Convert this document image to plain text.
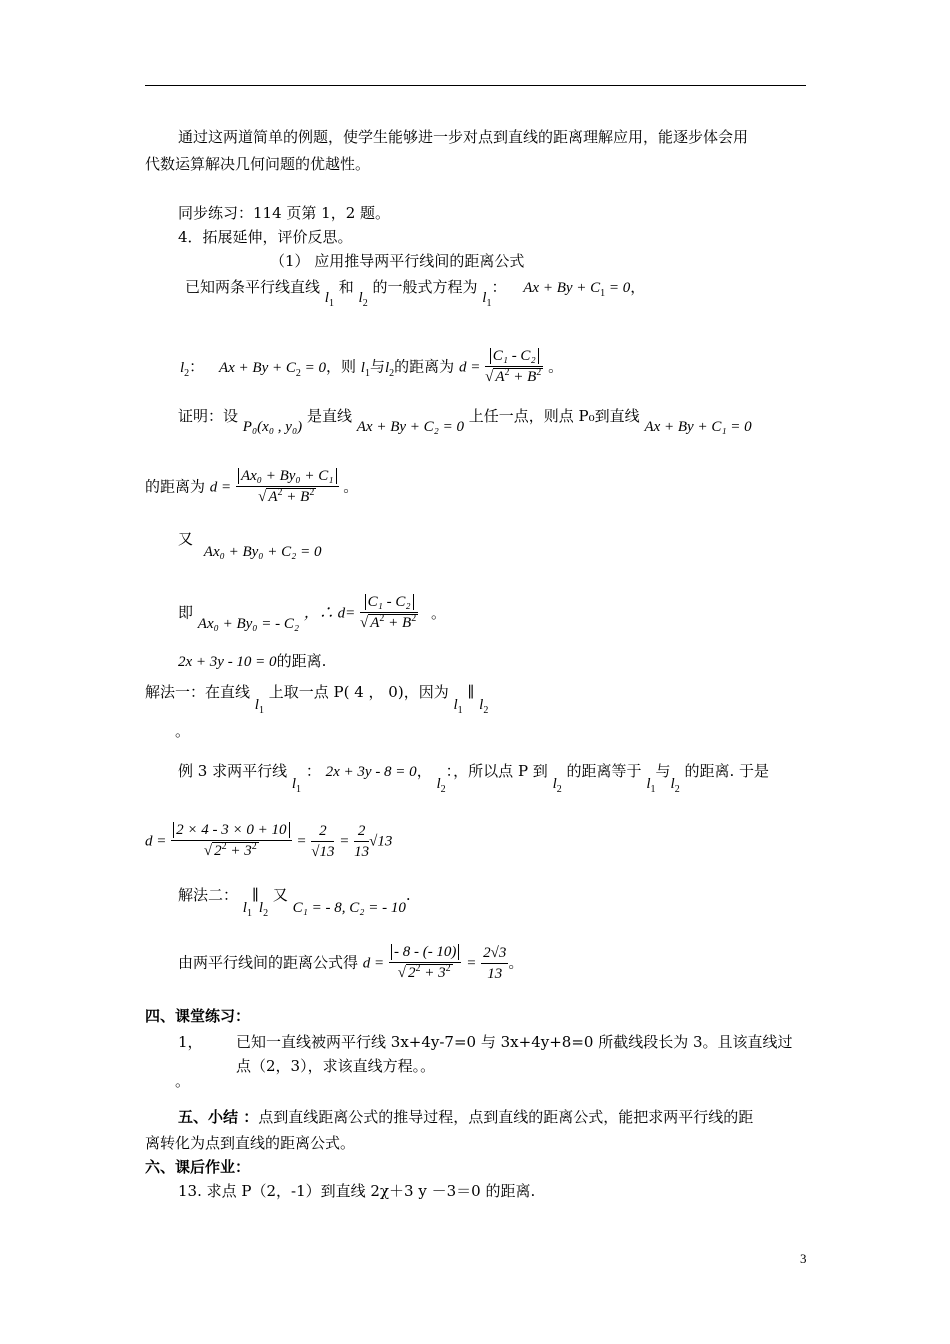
通过这两道简单的例题，使学生能够进一步对点到直线的距离理解应用，能逐步体会用
代数运算解决几何问题的优越性。
同步练习：114 页第 1，2 题。
4．拓展延伸，评价反思。
（1） 应用推导两平行线间的距离公式
已知两条平行线直线 $l_1$ 和 $l_2$ 的一般式方程为 $l_1$： $Ax + By + C_1 = 0$，
$l_2$： $Ax + By + C_2 = 0$，则 $l_1$与$l_2$的距离为 $d = \frac{\text{C₁ - C₂}}{√ A^2 + B^2}$ 。
证明：设 P₀(x₀ , y₀) 是直线 Ax + By + C₂ = 0 上任一点，则点 P₀到直线 Ax + By + C₁ = 0
的距离为 $d = \frac{\text{Ax₀ + By₀ + C₁}}{√ A^2 + B^2}$ 。
又 Ax₀ + By₀ + C₂ = 0
即 Ax₀ + By₀ = - C₂ ，∴ $d= \frac{\text{C₁ - C₂}}{√ A^2 + B^2}$ 。
2x + 3y - 10 = 0的距离.
解法一：在直线 $l_1$ 上取一点 P( 4 ， 0)，因为 $l_1$ ∥ $l_2$
。
例 3 求两平行线 $l_1$ ： 2x + 3y - 8 = 0， $l_2$：，所以点 P 到 $l_2$ 的距离等于 $l_1$与$l_2$ 的距离. 于是
$d = \frac{2 \times 4 - 3 \times 0 + 10}{√ 2^2 + 3^2} = \frac{2}{√13} = \frac{2}{13} √13$
解法二： $l_1\parallel l_2$ 又 C₁ = - 8, C₂ = - 10.
由两平行线间的距离公式得 $d = \frac{- 8 - (- 10)}{√ 2^2 + 3^2} = \frac{2√3}{13}$ 。
四、课堂练习：
1， 已知一直线被两平行线 3x+4y-7=0 与 3x+4y+8=0 所截线段长为 3。且该直线过
点（2，3），求该直线方程。。
。
五、小结 ：点到直线距离公式的推导过程，点到直线的距离公式，能把求两平行线的距
离转化为点到直线的距离公式。
六、课后作业：
13. 求点 P（2，-1）到直线 2χ＋3 y －3＝0 的距离.
3
